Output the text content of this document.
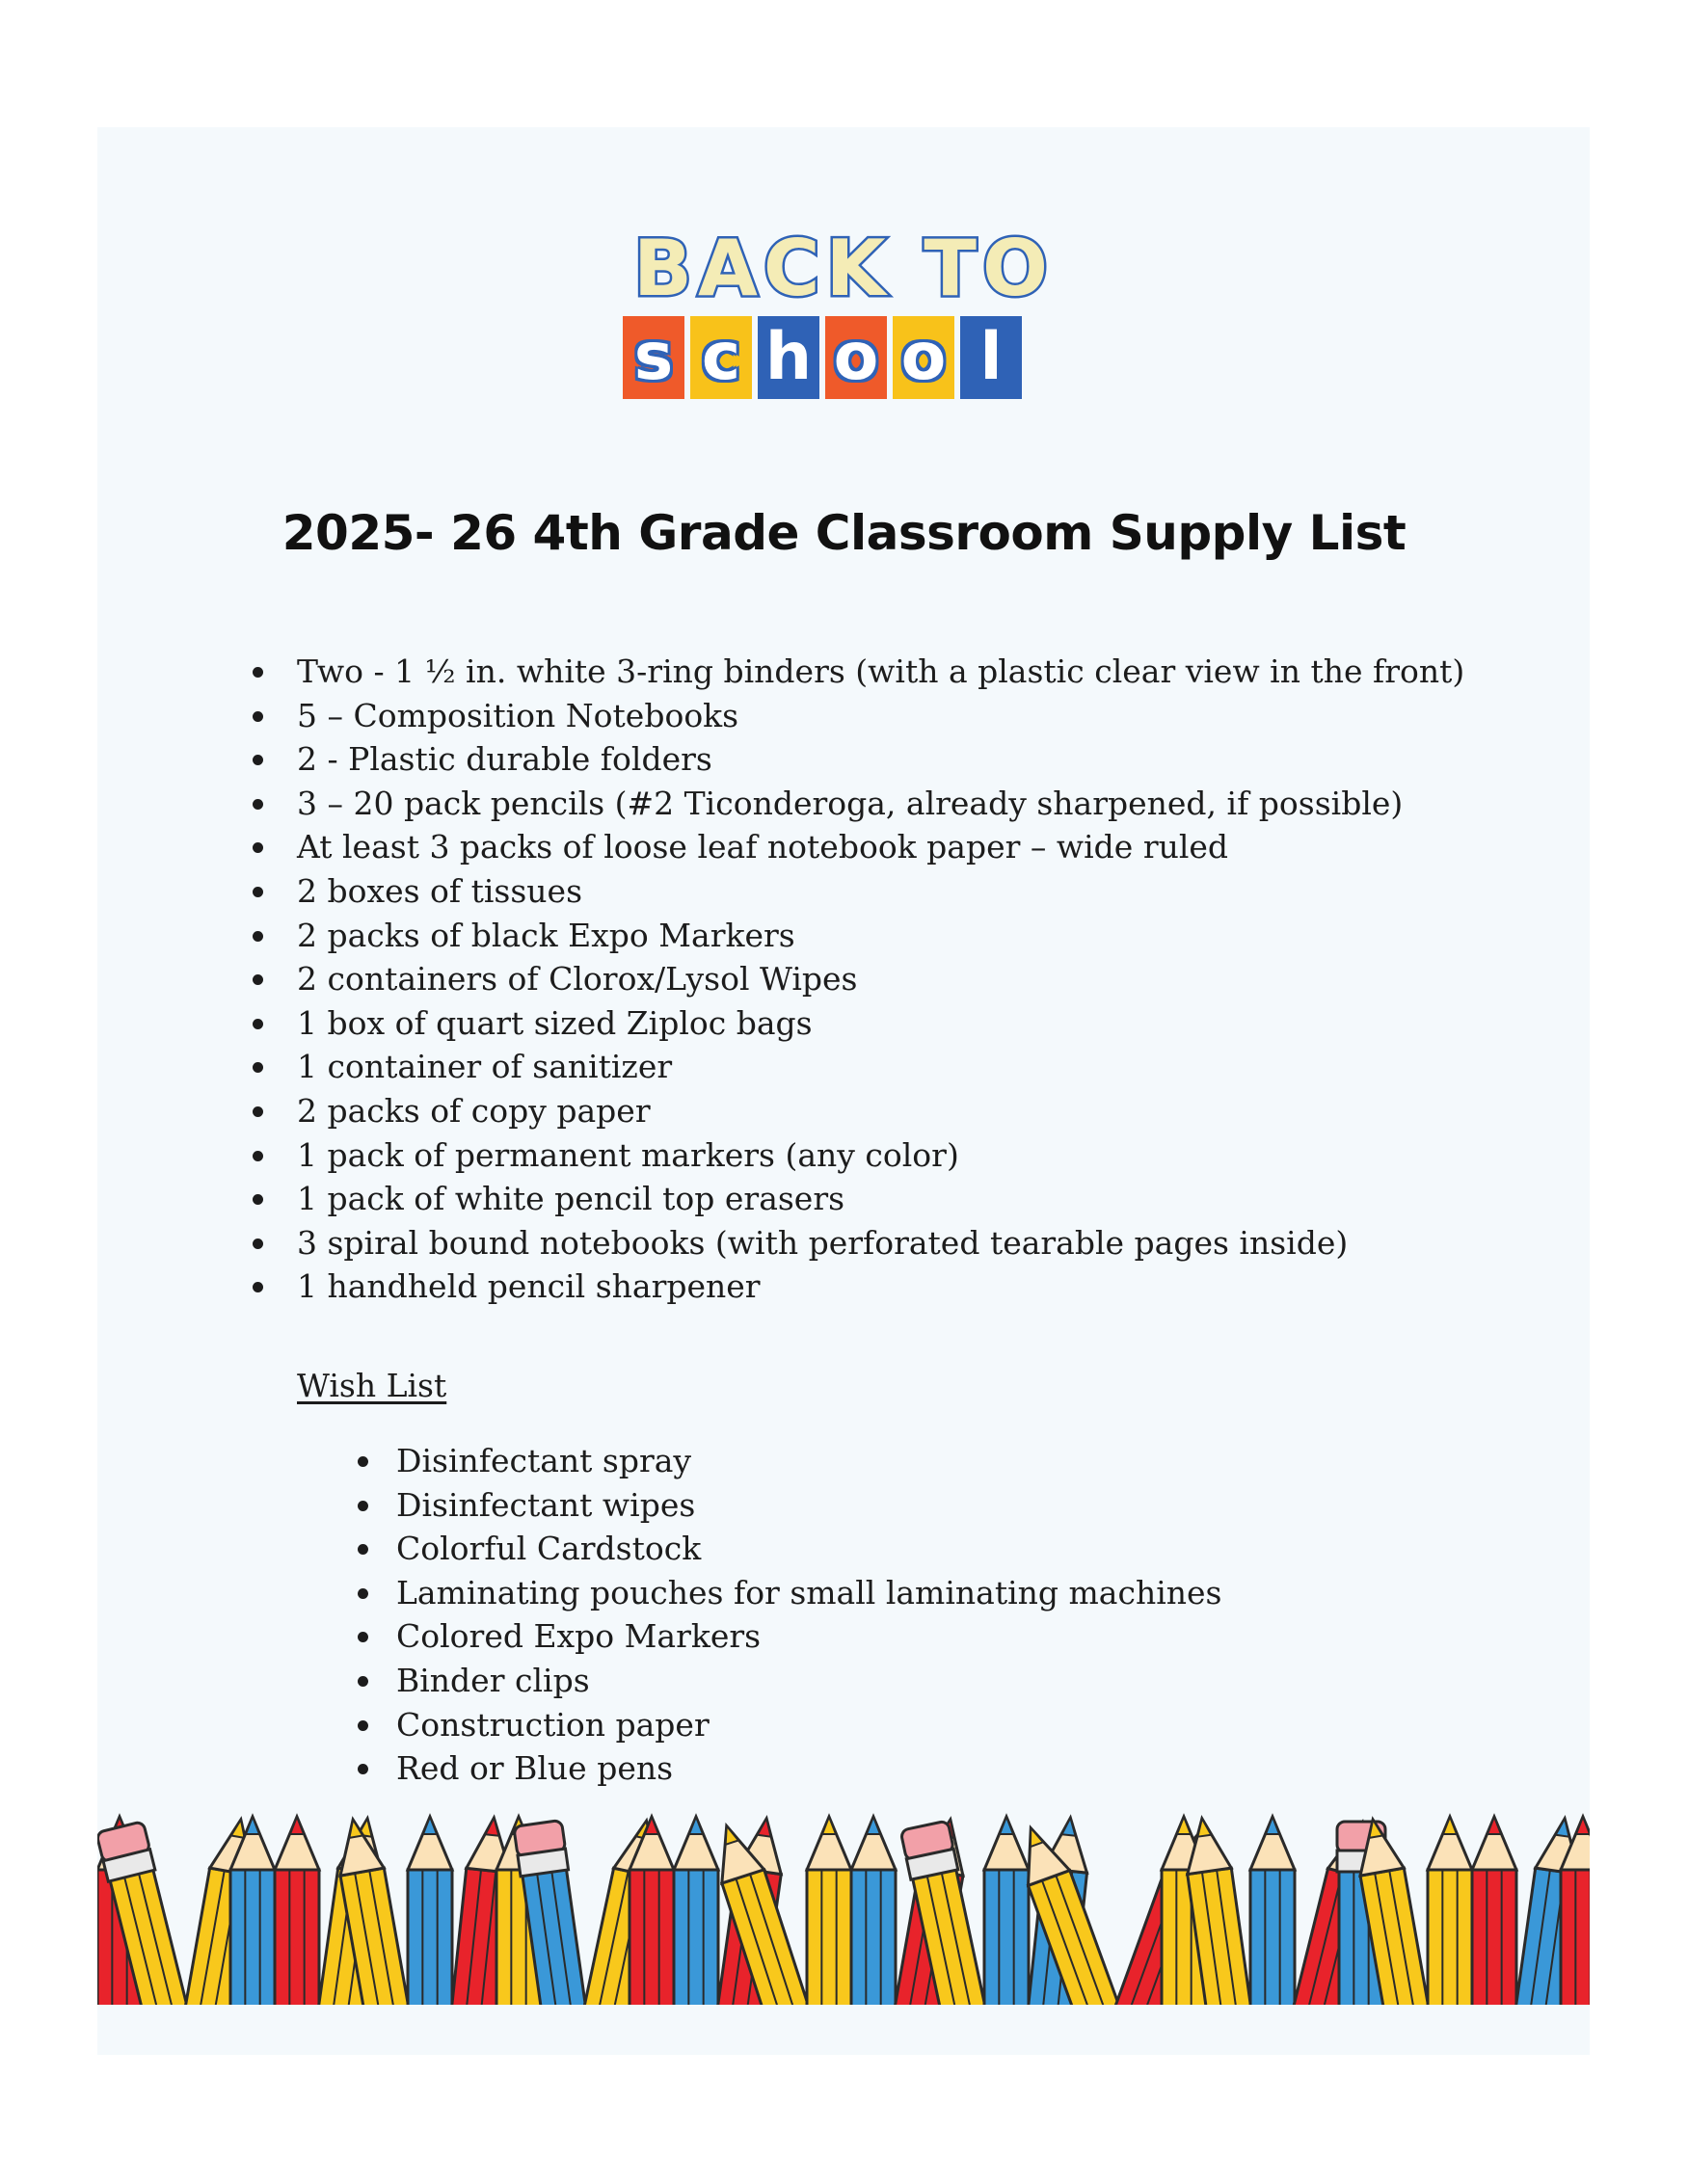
BACK TO
s c h o o l
2025- 26 4th Grade Classroom Supply List
Two - 1 ½ in. white 3-ring binders (with a plastic clear view in the front)
5 – Composition Notebooks
2 - Plastic durable folders
3 – 20 pack pencils (#2 Ticonderoga, already sharpened, if possible)
At least 3 packs of loose leaf notebook paper – wide ruled
2 boxes of tissues
2 packs of black Expo Markers
2 containers of Clorox/Lysol Wipes
1 box of quart sized Ziploc bags
1 container of sanitizer
2 packs of copy paper
1 pack of permanent markers (any color)
1 pack of white pencil top erasers
3 spiral bound notebooks (with perforated tearable pages inside)
1 handheld pencil sharpener
Wish List
Disinfectant spray
Disinfectant wipes
Colorful Cardstock
Laminating pouches for small laminating machines
Colored Expo Markers
Binder clips
Construction paper
Red or Blue pens
